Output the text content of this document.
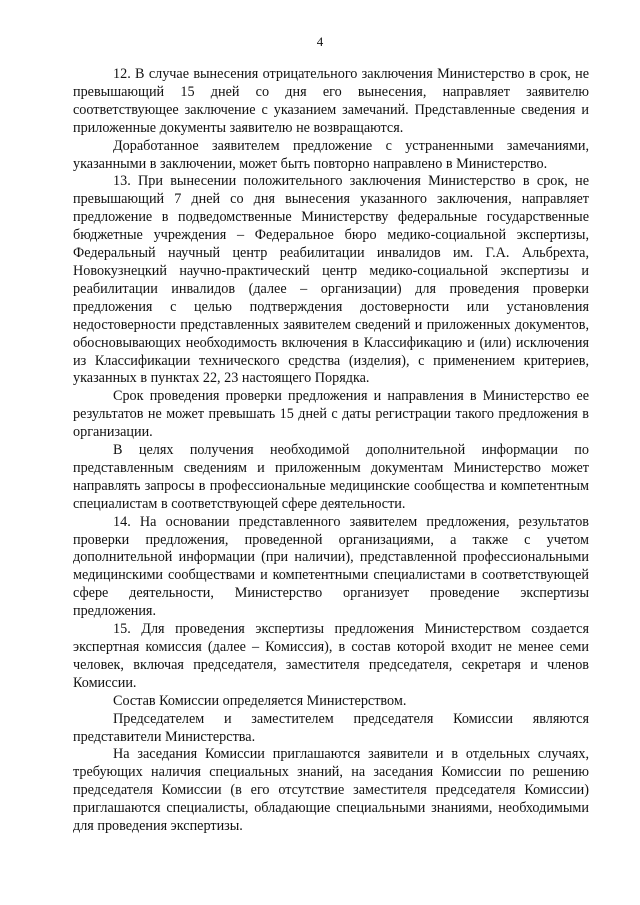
4

12. В случае вынесения отрицательного заключения Министерство в срок, не превышающий 15 дней со дня его вынесения, направляет заявителю соответствующее заключение с указанием замечаний. Представленные сведения и приложенные документы заявителю не возвращаются.

Доработанное заявителем предложение с устраненными замечаниями, указанными в заключении, может быть повторно направлено в Министерство.

13. При вынесении положительного заключения Министерство в срок, не превышающий 7 дней со дня вынесения указанного заключения, направляет предложение в подведомственные Министерству федеральные государственные бюджетные учреждения – Федеральное бюро медико-социальной экспертизы, Федеральный научный центр реабилитации инвалидов им. Г.А. Альбрехта, Новокузнецкий научно-практический центр медико-социальной экспертизы и реабилитации инвалидов (далее – организации) для проведения проверки предложения с целью подтверждения достоверности или установления недостоверности представленных заявителем сведений и приложенных документов, обосновывающих необходимость включения в Классификацию и (или) исключения из Классификации технического средства (изделия), с применением критериев, указанных в пунктах 22, 23 настоящего Порядка.

Срок проведения проверки предложения и направления в Министерство ее результатов не может превышать 15 дней с даты регистрации такого предложения в организации.

В целях получения необходимой дополнительной информации по представленным сведениям и приложенным документам Министерство может направлять запросы в профессиональные медицинские сообщества и компетентным специалистам в соответствующей сфере деятельности.

14. На основании представленного заявителем предложения, результатов проверки предложения, проведенной организациями, а также с учетом дополнительной информации (при наличии), представленной профессиональными медицинскими сообществами и компетентными специалистами в соответствующей сфере деятельности, Министерство организует проведение экспертизы предложения.

15. Для проведения экспертизы предложения Министерством создается экспертная комиссия (далее – Комиссия), в состав которой входит не менее семи человек, включая председателя, заместителя председателя, секретаря и членов Комиссии.

Состав Комиссии определяется Министерством.

Председателем и заместителем председателя Комиссии являются представители Министерства.

На заседания Комиссии приглашаются заявители и в отдельных случаях, требующих наличия специальных знаний, на заседания Комиссии по решению председателя Комиссии (в его отсутствие заместителя председателя Комиссии) приглашаются специалисты, обладающие специальными знаниями, необходимыми для проведения экспертизы.
